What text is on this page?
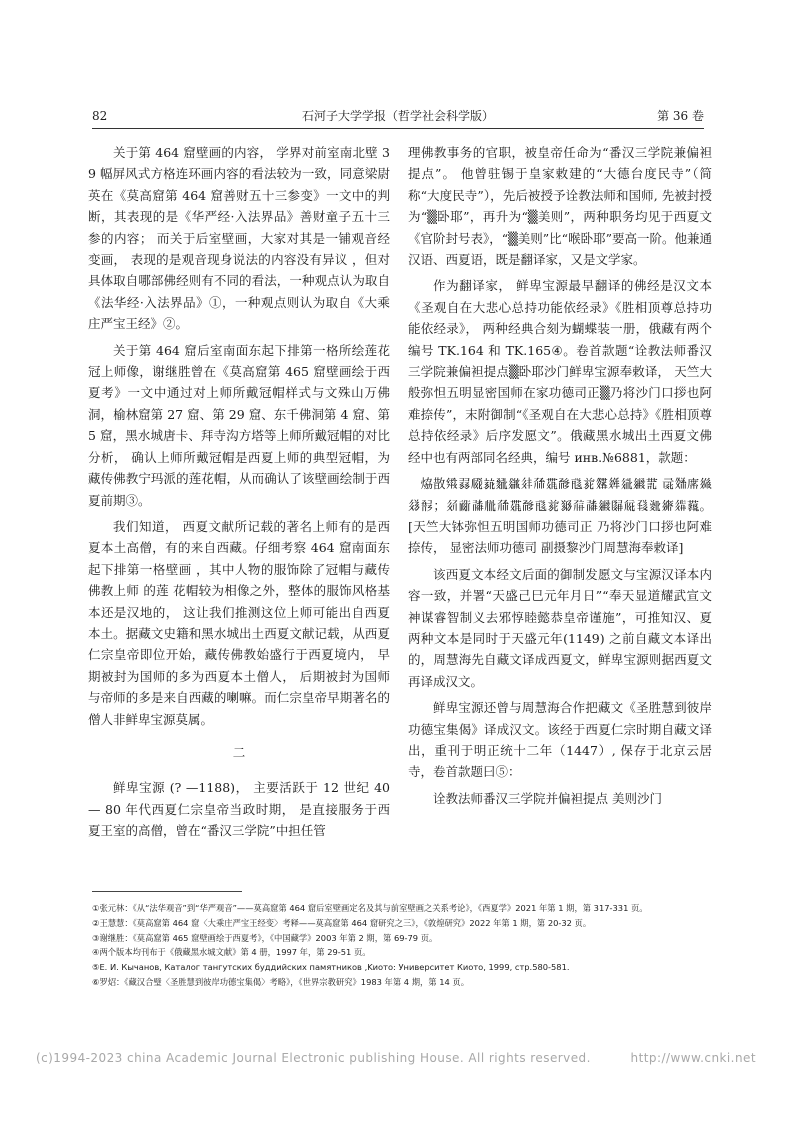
82	石河子大学学报（哲学社会科学版）	第 36 卷

关于第 464 窟壁画的内容， 学界对前室南北壁 39 幅屏风式方格连环画内容的看法较为一致，同意梁尉英在《莫高窟第 464 窟善财五十三参变》一文中的判断，其表现的是《华严经·入法界品》善财童子五十三参的内容； 而关于后室壁画，大家对其是一铺观音经变画， 表现的是观音现身说法的内容没有异议 ，但对具体取自哪部佛经则有不同的看法，一种观点认为取自《法华经·入法界品》①，一种观点则认为取自《大乘庄严宝王经》②。

关于第 464 窟后室南面东起下排第一格所绘莲花冠上师像，谢继胜曾在《莫高窟第 465 窟壁画绘于西夏考》一文中通过对上师所戴冠帽样式与文殊山万佛洞，榆林窟第 27 窟、第 29 窟、东千佛洞第 4 窟、第 5 窟，黑水城唐卡、拜寺沟方塔等上师所戴冠帽的对比分析， 确认上师所戴冠帽是西夏上师的典型冠帽，为藏传佛教宁玛派的莲花帽，从而确认了该壁画绘制于西夏前期③。

我们知道， 西夏文献所记载的著名上师有的是西夏本土高僧，有的来自西藏。仔细考察 464 窟南面东起下排第一格壁画 ，其中人物的服饰除了冠帽与藏传佛教上师 的莲 花帽较为相像之外，整体的服饰风格基本还是汉地的， 这让我们推测这位上师可能出自西夏本土。据藏文史籍和黑水城出土西夏文献记载，从西夏仁宗皇帝即位开始，藏传佛教始盛行于西夏境内， 早期被封为国师的多为西夏本土僧人， 后期被封为国师与帝师的多是来自西藏的喇嘛。而仁宗皇帝早期著名的僧人非鲜卑宝源莫属。

二

鲜卑宝源 (? —1188)， 主要活跃于 12 世纪 40— 80 年代西夏仁宗皇帝当政时期， 是直接服务于西夏王室的高僧，曾在“番汉三学院”中担任管

理佛教事务的官职，被皇帝任命为“番汉三学院兼偏袒提点”。 他曾驻锡于皇家敕建的“大德台度民寺”（简称“大度民寺”），先后被授予诠教法师和国师, 先被封授为“▒卧耶”，再升为“▒美则”，两种职务均见于西夏文《官阶封号表》，“▒美则”比“喉卧耶”要高一阶。他兼通汉语、西夏语，既是翻译家，又是文学家。

作为翻译家， 鲜卑宝源最早翻译的佛经是汉文本《圣观自在大悲心总持功能依经录》《胜相顶尊总持功能依经录》， 两种经典合刻为蝴蝶装一册，俄藏有两个编号 TK.164 和 TK.165④。卷首款题“诠教法师番汉三学院兼偏袒提点▒卧耶沙门鲜卑宝源奉敕译， 天竺大般弥怛五明显密国师在家功德司正▒乃将沙门口拶也阿难捺传”，末附御制“《圣观自在大悲心总持》《胜相顶尊总持依经录》后序发愿文”。俄藏黑水城出土西夏文佛经中也有两部同名经典，编号 инв.№6881，款题：

㶸㪚𗋽𗰰𗆧𗭪𘙇𗫡𗢳𗗙𗶷𘓋𗷣𗐱𗽳𗤶𗣼𗪺𗚑 𗕑𗽔𘟙𗦁𗣀𘘚；𗢯𗠁𗰜𗄻𗗙𗶷𘓋𗷣𗐱𗰈𗗚𗰜𗪺𗂹𗏁𗱀𘝯𗦀𗦧𗜐。[天竺大钵弥怛五明国师功德司正 乃将沙门口拶也阿难捺传， 显密法师功德司 副摄黎沙门周慧海奉敕译]

该西夏文本经文后面的御制发愿文与宝源汉译本内容一致，并署“天盛己巳元年月日”“奉天显道耀武宣文神谋睿智制义去邪惇睦懿恭皇帝谨施”，可推知汉、夏两种文本是同时于天盛元年(1149) 之前自藏文本译出的，周慧海先自藏文译成西夏文，鲜卑宝源则据西夏文再译成汉文。

鲜卑宝源还曾与周慧海合作把藏文《圣胜慧到彼岸功德宝集偈》译成汉文。该经于西夏仁宗时期自藏文译出，重刊于明正统十二年（1447）, 保存于北京云居寺，卷首款题曰⑤：

诠教法师番汉三学院并偏袒提点 美则沙门

①张元林：《从“法华观音”到“华严观音”——莫高窟第 464 窟后室壁画定名及其与前室壁画之关系考论》，《西夏学》2021 年第 1 期，第 317-331 页。
②王慧慧：《莫高窟第 464 窟〈大乘庄严宝王经变〉考释——莫高窟第 464 窟研究之三》，《敦煌研究》2022 年第 1 期，第 20-32 页。
③谢继胜：《莫高窟第 465 窟壁画绘于西夏考》，《中国藏学》2003 年第 2 期，第 69-79 页。
④两个版本均刊布于《俄藏黑水城文献》第 4 册，1997 年，第 29-51 页。
⑤Е. И. Кычанов, Каталог тангутских буддийских памятников ,Kиото: Университет Киото, 1999, стр.580-581.
⑥罗炤：《藏汉合璧〈圣胜慧到彼岸功德宝集偈〉考略》，《世界宗教研究》1983 年第 4 期，第 14 页。
(c)1994-2023 china Academic Journal Electronic publishing House. All rights reserved.	http://www.cnki.net
